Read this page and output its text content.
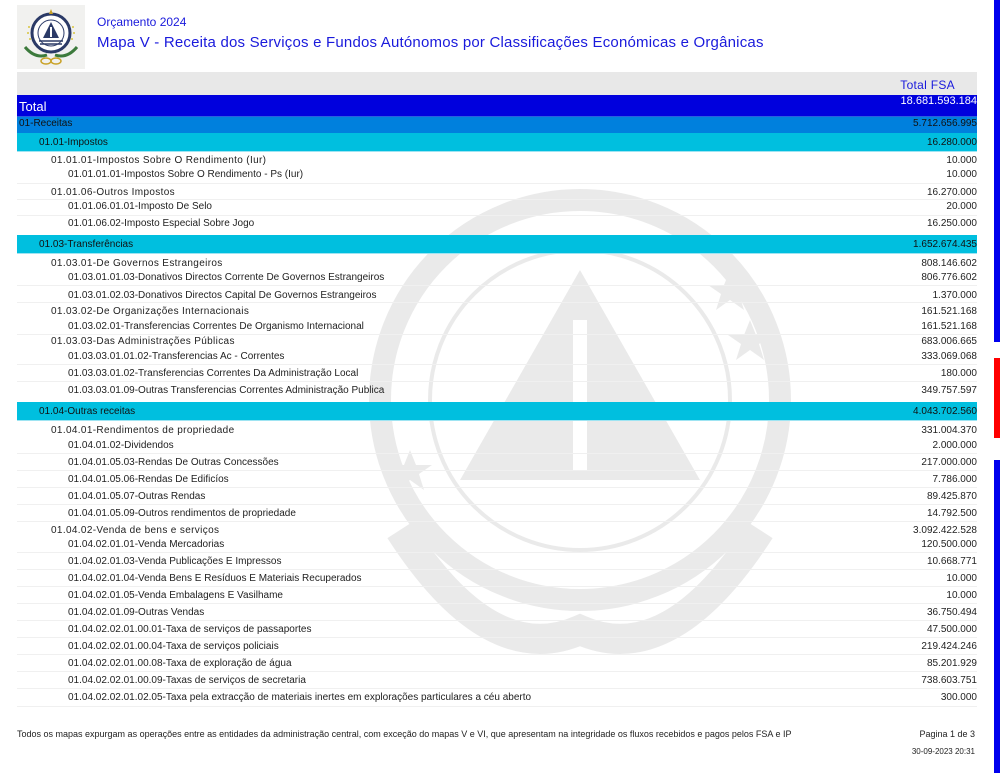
Orçamento 2024
Mapa V - Receita dos Serviços e Fundos Autónomos por Classificações Económicas e Orgânicas
Total FSA
Total	18.681.593.184
01-Receitas	5.712.656.995
01.01-Impostos	16.280.000
01.01.01-Impostos Sobre O Rendimento (Iur)	10.000
01.01.01.01-Impostos Sobre O Rendimento - Ps (Iur)	10.000
01.01.06-Outros Impostos	16.270.000
01.01.06.01.01-Imposto De Selo	20.000
01.01.06.02-Imposto Especial Sobre Jogo	16.250.000
01.03-Transferências	1.652.674.435
01.03.01-De Governos Estrangeiros	808.146.602
01.03.01.01.03-Donativos Directos Corrente De Governos Estrangeiros	806.776.602
01.03.01.02.03-Donativos Directos Capital De Governos Estrangeiros	1.370.000
01.03.02-De Organizações Internacionais	161.521.168
01.03.02.01-Transferencias Correntes De Organismo Internacional	161.521.168
01.03.03-Das Administrações Públicas	683.006.665
01.03.03.01.01.02-Transferencias Ac - Correntes	333.069.068
01.03.03.01.02-Transferencias Correntes Da Administração Local	180.000
01.03.03.01.09-Outras Transferencias Correntes Administração Publica	349.757.597
01.04-Outras receitas	4.043.702.560
01.04.01-Rendimentos de propriedade	331.004.370
01.04.01.02-Dividendos	2.000.000
01.04.01.05.03-Rendas De Outras Concessões	217.000.000
01.04.01.05.06-Rendas De Edificíos	7.786.000
01.04.01.05.07-Outras Rendas	89.425.870
01.04.01.05.09-Outros rendimentos de propriedade	14.792.500
01.04.02-Venda de bens e serviços	3.092.422.528
01.04.02.01.01-Venda Mercadorias	120.500.000
01.04.02.01.03-Venda Publicações E Impressos	10.668.771
01.04.02.01.04-Venda Bens E Resíduos E Materiais Recuperados	10.000
01.04.02.01.05-Venda Embalagens E Vasilhame	10.000
01.04.02.01.09-Outras Vendas	36.750.494
01.04.02.02.01.00.01-Taxa de serviços de passaportes	47.500.000
01.04.02.02.01.00.04-Taxa de serviços policiais	219.424.246
01.04.02.02.01.00.08-Taxa de exploração de água	85.201.929
01.04.02.02.01.00.09-Taxas de serviços de secretaria	738.603.751
01.04.02.02.01.02.05-Taxa pela extracção de materiais inertes em explorações particulares a céu aberto	300.000
Todos os mapas expurgam as operações entre as entidades da administração central, com exceção do mapas V e VI, que apresentam na integridade os fluxos recebidos e pagos pelos FSA e IP	Pagina 1 de 3
30-09-2023 20:31
